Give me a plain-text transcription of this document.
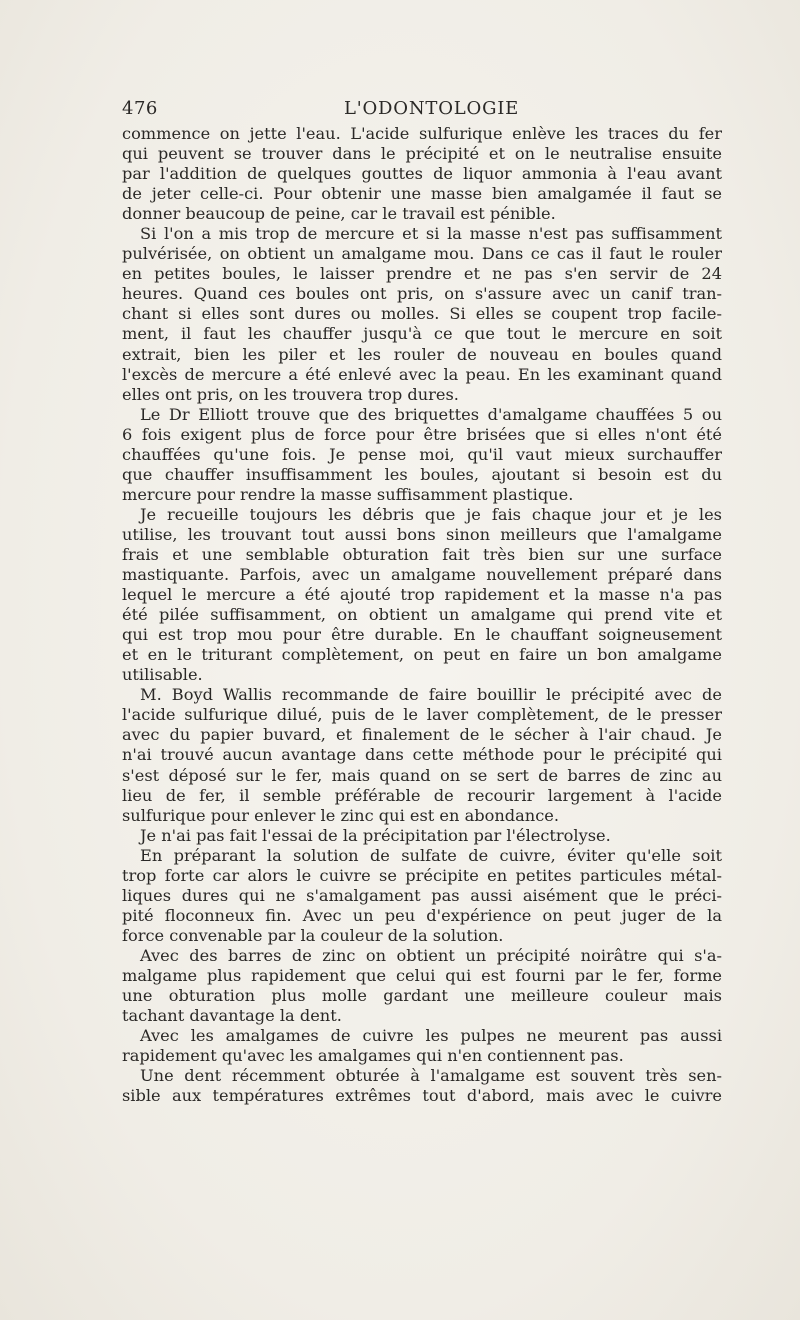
476	L'ODONTOLOGIE
commence on jette l'eau. L'acide sulfurique enlève les traces du fer
qui peuvent se trouver dans le précipité et on le neutralise ensuite
par l'addition de quelques gouttes de liquor ammonia à l'eau avant
de jeter celle-ci. Pour obtenir une masse bien amalgamée il faut se
donner beaucoup de peine, car le travail est pénible.
Si l'on a mis trop de mercure et si la masse n'est pas suffisamment
pulvérisée, on obtient un amalgame mou. Dans ce cas il faut le rouler
en petites boules, le laisser prendre et ne pas s'en servir de 24
heures. Quand ces boules ont pris, on s'assure avec un canif tran-
chant si elles sont dures ou molles. Si elles se coupent trop facile-
ment, il faut les chauffer jusqu'à ce que tout le mercure en soit
extrait, bien les piler et les rouler de nouveau en boules quand
l'excès de mercure a été enlevé avec la peau. En les examinant quand
elles ont pris, on les trouvera trop dures.
Le Dr Elliott trouve que des briquettes d'amalgame chauffées 5 ou
6 fois exigent plus de force pour être brisées que si elles n'ont été
chauffées qu'une fois. Je pense moi, qu'il vaut mieux surchauffer
que chauffer insuffisamment les boules, ajoutant si besoin est du
mercure pour rendre la masse suffisamment plastique.
Je recueille toujours les débris que je fais chaque jour et je les
utilise, les trouvant tout aussi bons sinon meilleurs que l'amalgame
frais et une semblable obturation fait très bien sur une surface
mastiquante. Parfois, avec un amalgame nouvellement préparé dans
lequel le mercure a été ajouté trop rapidement et la masse n'a pas
été pilée suffisamment, on obtient un amalgame qui prend vite et
qui est trop mou pour être durable. En le chauffant soigneusement
et en le triturant complètement, on peut en faire un bon amalgame
utilisable.
M. Boyd Wallis recommande de faire bouillir le précipité avec de
l'acide sulfurique dilué, puis de le laver complètement, de le presser
avec du papier buvard, et finalement de le sécher à l'air chaud. Je
n'ai trouvé aucun avantage dans cette méthode pour le précipité qui
s'est déposé sur le fer, mais quand on se sert de barres de zinc au
lieu de fer, il semble préférable de recourir largement à l'acide
sulfurique pour enlever le zinc qui est en abondance.
Je n'ai pas fait l'essai de la précipitation par l'électrolyse.
En préparant la solution de sulfate de cuivre, éviter qu'elle soit
trop forte car alors le cuivre se précipite en petites particules métal-
liques dures qui ne s'amalgament pas aussi aisément que le préci-
pité floconneux fin. Avec un peu d'expérience on peut juger de la
force convenable par la couleur de la solution.
Avec des barres de zinc on obtient un précipité noirâtre qui s'a-
malgame plus rapidement que celui qui est fourni par le fer, forme
une obturation plus molle gardant une meilleure couleur mais
tachant davantage la dent.
Avec les amalgames de cuivre les pulpes ne meurent pas aussi
rapidement qu'avec les amalgames qui n'en contiennent pas.
Une dent récemment obturée à l'amalgame est souvent très sen-
sible aux températures extrêmes tout d'abord, mais avec le cuivre
